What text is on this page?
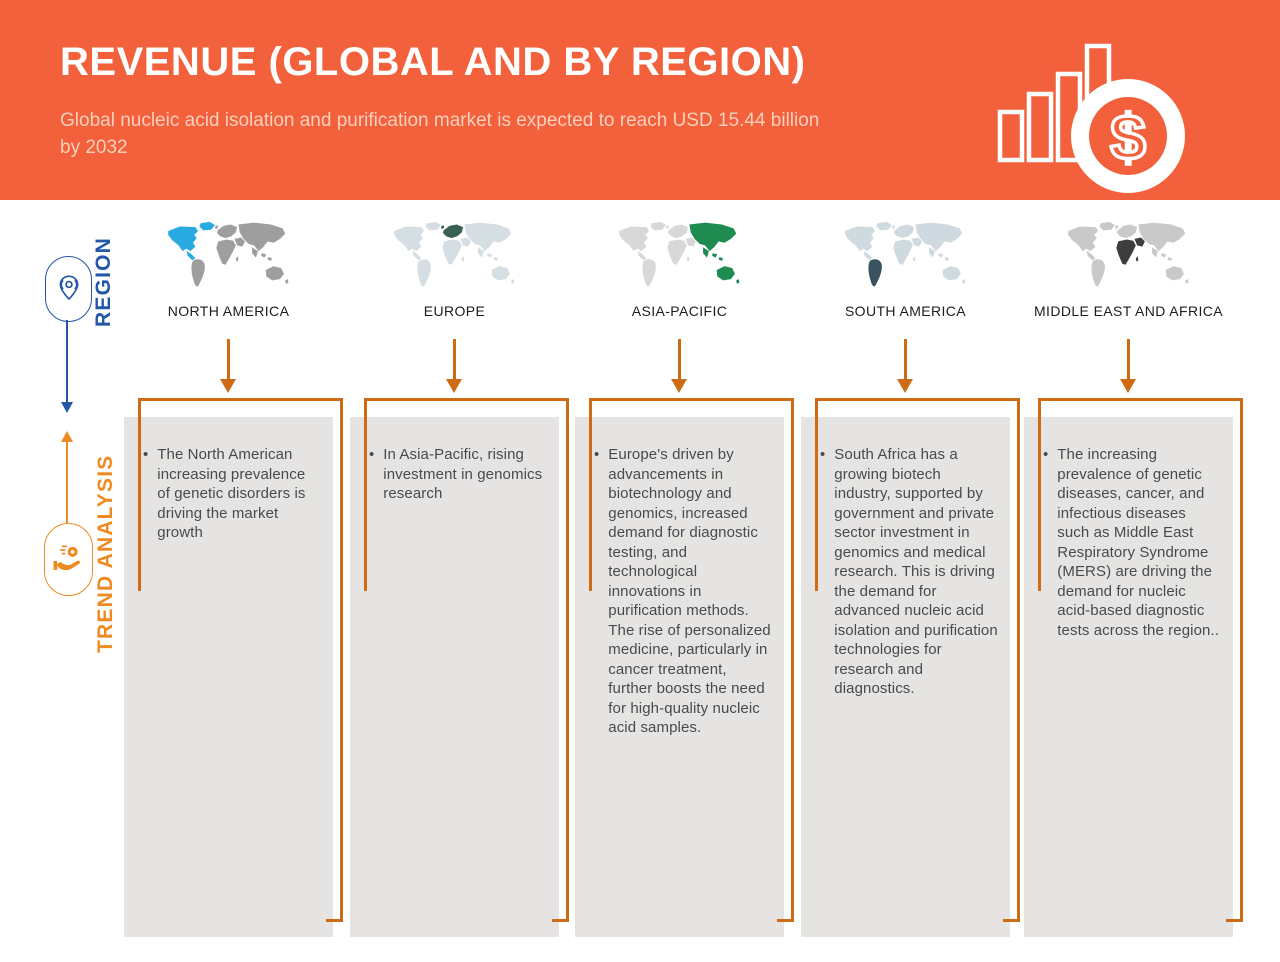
REVENUE (GLOBAL AND BY REGION)
Global nucleic acid isolation and purification market is expected to reach USD 15.44 billion by 2032	$
REGION
TREND ANALYSIS
NORTH AMERICA
• The North American increasing prevalence of genetic disorders is driving the market growth

EUROPE
• In Asia-Pacific, rising investment in genomics research

ASIA-PACIFIC
• Europe's driven by advancements in biotechnology and genomics, increased demand for diagnostic testing, and technological innovations in purification methods. The rise of personalized medicine, particularly in cancer treatment, further boosts the need for high-quality nucleic acid samples.

SOUTH AMERICA
• South Africa has a growing biotech industry, supported by government and private sector investment in genomics and medical research. This is driving the demand for advanced nucleic acid isolation and purification technologies for research and diagnostics.

MIDDLE EAST AND AFRICA
• The increasing prevalence of genetic diseases, cancer, and infectious diseases such as Middle East Respiratory Syndrome (MERS) are driving the demand for nucleic acid-based diagnostic tests across the region..
